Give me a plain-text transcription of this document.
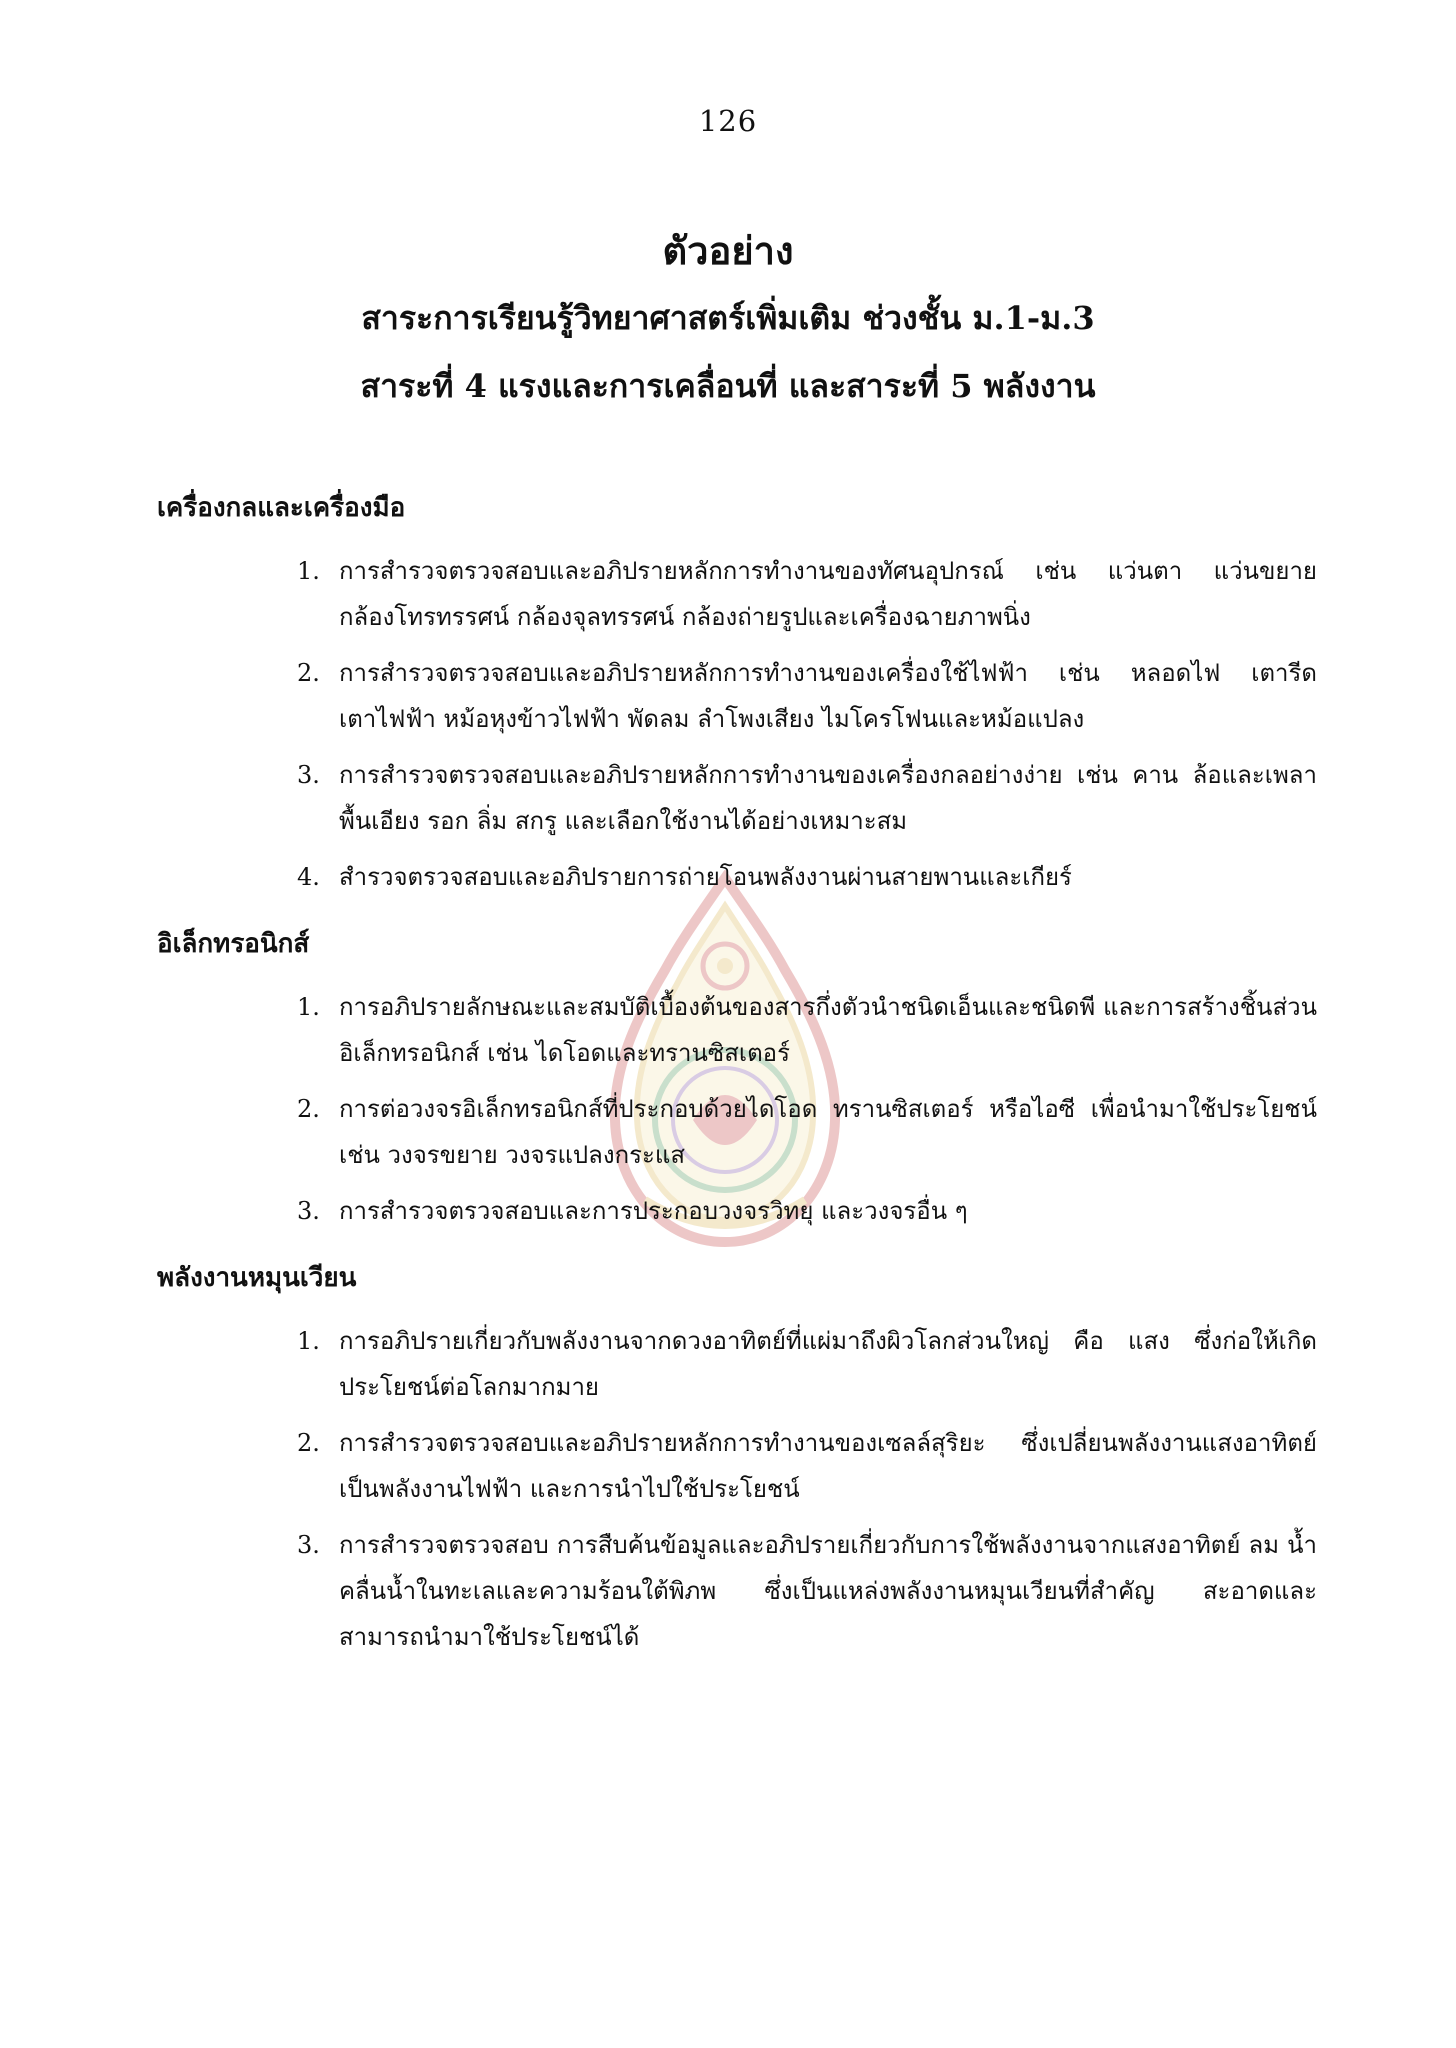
126
ตัวอย่าง
สาระการเรียนรู้วิทยาศาสตร์เพิ่มเติม ช่วงชั้น ม.1-ม.3
สาระที่ 4 แรงและการเคลื่อนที่ และสาระที่ 5 พลังงาน
เครื่องกลและเครื่องมือ
1. การสำรวจตรวจสอบและอภิปรายหลักการทำงานของทัศนอุปกรณ์ เช่น แว่นตา แว่นขยาย กล้องโทรทรรศน์ กล้องจุลทรรศน์ กล้องถ่ายรูปและเครื่องฉายภาพนิ่ง
2. การสำรวจตรวจสอบและอภิปรายหลักการทำงานของเครื่องใช้ไฟฟ้า เช่น หลอดไฟ เตารีด เตาไฟฟ้า หม้อหุงข้าวไฟฟ้า พัดลม ลำโพงเสียง ไมโครโฟนและหม้อแปลง
3. การสำรวจตรวจสอบและอภิปรายหลักการทำงานของเครื่องกลอย่างง่าย เช่น คาน ล้อและเพลา พื้นเอียง รอก ลิ่ม สกรู และเลือกใช้งานได้อย่างเหมาะสม
4. สำรวจตรวจสอบและอภิปรายการถ่ายโอนพลังงานผ่านสายพานและเกียร์
อิเล็กทรอนิกส์
1. การอภิปรายลักษณะและสมบัติเบื้องต้นของสารกึ่งตัวนำชนิดเอ็นและชนิดพี และการสร้างชิ้นส่วนอิเล็กทรอนิกส์ เช่น ไดโอดและทรานซิสเตอร์
2. การต่อวงจรอิเล็กทรอนิกส์ที่ประกอบด้วยไดโอด ทรานซิสเตอร์ หรือไอซี เพื่อนำมาใช้ประโยชน์ เช่น วงจรขยาย วงจรแปลงกระแส
3. การสำรวจตรวจสอบและการประกอบวงจรวิทยุ และวงจรอื่น ๆ
พลังงานหมุนเวียน
1. การอภิปรายเกี่ยวกับพลังงานจากดวงอาทิตย์ที่แผ่มาถึงผิวโลกส่วนใหญ่ คือ แสง ซึ่งก่อให้เกิดประโยชน์ต่อโลกมากมาย
2. การสำรวจตรวจสอบและอภิปรายหลักการทำงานของเซลล์สุริยะ ซึ่งเปลี่ยนพลังงานแสงอาทิตย์เป็นพลังงานไฟฟ้า และการนำไปใช้ประโยชน์
3. การสำรวจตรวจสอบ การสืบค้นข้อมูลและอภิปรายเกี่ยวกับการใช้พลังงานจากแสงอาทิตย์ ลม น้ำ คลื่นน้ำในทะเลและความร้อนใต้พิภพ ซึ่งเป็นแหล่งพลังงานหมุนเวียนที่สำคัญ สะอาดและสามารถนำมาใช้ประโยชน์ได้
